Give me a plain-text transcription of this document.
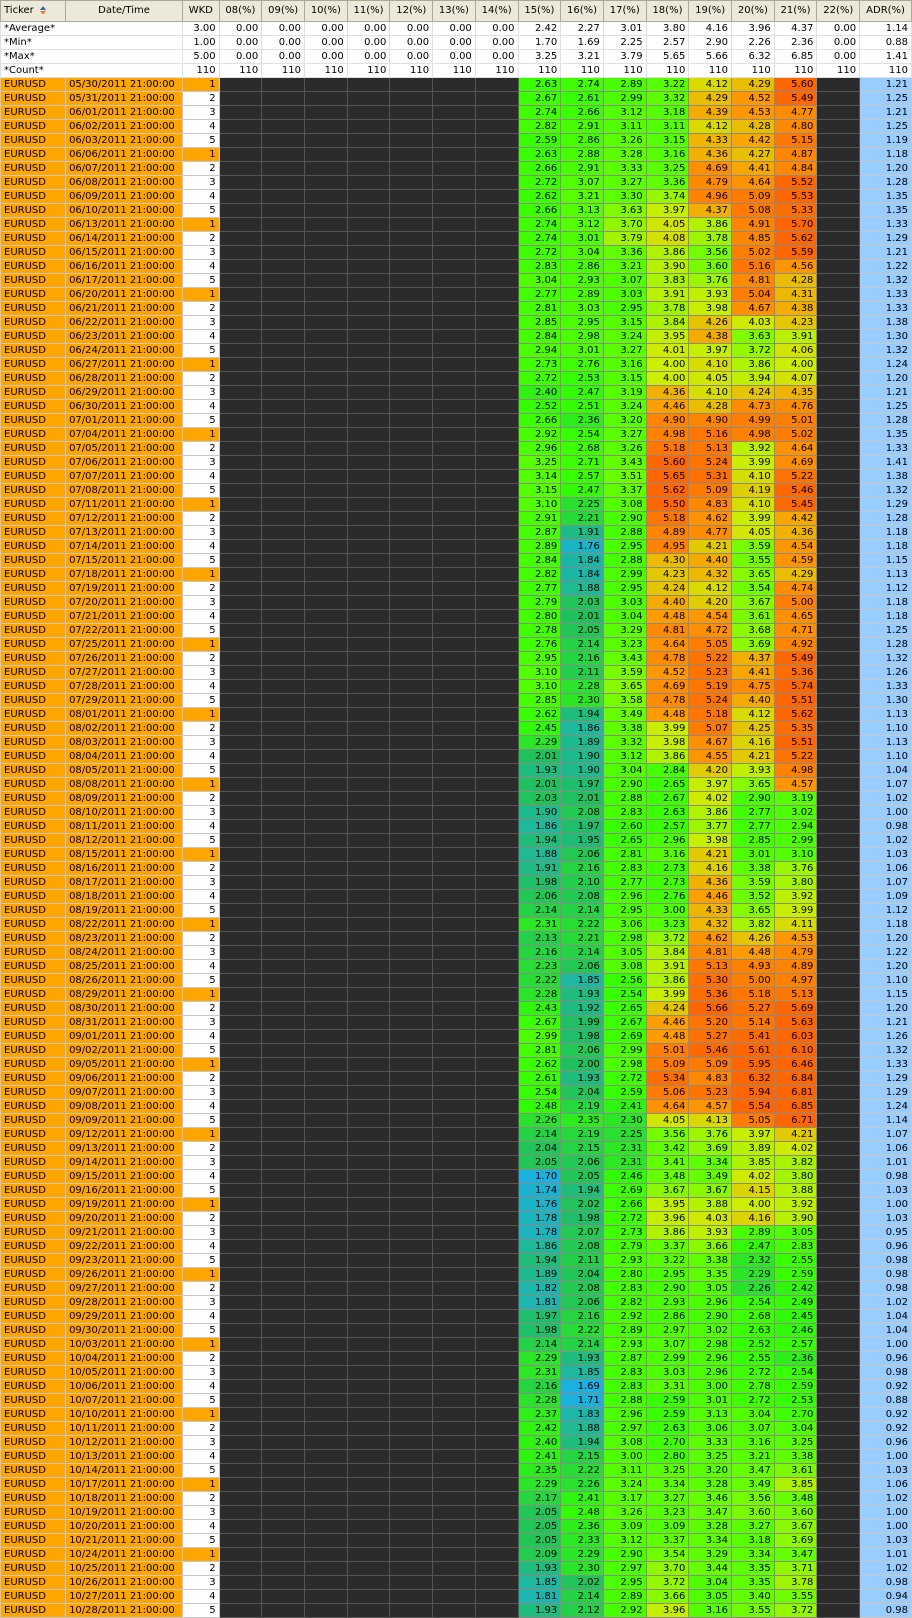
Ticker	Date/Time	WKD	08(%)	09(%)	10(%)	11(%)	12(%)	13(%)	14(%)	15(%)	16(%)	17(%)	18(%)	19(%)	20(%)	21(%)	22(%)	ADR(%)
*Average*		3.00	0.00	0.00	0.00	0.00	0.00	0.00	0.00	2.42	2.27	3.01	3.80	4.16	3.96	4.37	0.00	1.14
*Min*		1.00	0.00	0.00	0.00	0.00	0.00	0.00	0.00	1.70	1.69	2.25	2.57	2.90	2.26	2.36	0.00	0.88
*Max*		5.00	0.00	0.00	0.00	0.00	0.00	0.00	0.00	3.25	3.21	3.79	5.65	5.66	6.32	6.85	0.00	1.41
*Count*		110	110	110	110	110	110	110	110	110	110	110	110	110	110	110	110	110
EURUSD	05/30/2011 21:00:00	1								2.63	2.74	2.89	3.22	4.12	4.29	5.60		1.21
EURUSD	05/31/2011 21:00:00	2								2.67	2.61	2.99	3.32	4.29	4.52	5.49		1.25
EURUSD	06/01/2011 21:00:00	3								2.74	2.66	3.12	3.18	4.39	4.53	4.77		1.21
EURUSD	06/02/2011 21:00:00	4								2.82	2.91	3.11	3.11	4.12	4.28	4.80		1.25
EURUSD	06/03/2011 21:00:00	5								2.59	2.86	3.26	3.15	4.33	4.42	5.15		1.19
EURUSD	06/06/2011 21:00:00	1								2.63	2.88	3.28	3.16	4.36	4.27	4.87		1.18
EURUSD	06/07/2011 21:00:00	2								2.66	2.91	3.33	3.25	4.69	4.41	4.84		1.20
EURUSD	06/08/2011 21:00:00	3								2.72	3.07	3.27	3.36	4.79	4.64	5.52		1.28
EURUSD	06/09/2011 21:00:00	4								2.62	3.21	3.30	3.74	4.96	5.09	5.53		1.35
EURUSD	06/10/2011 21:00:00	5								2.66	3.13	3.63	3.97	4.37	5.08	5.33		1.35
EURUSD	06/13/2011 21:00:00	1								2.74	3.12	3.70	4.05	3.86	4.91	5.70		1.33
EURUSD	06/14/2011 21:00:00	2								2.74	3.01	3.79	4.08	3.78	4.85	5.62		1.29
EURUSD	06/15/2011 21:00:00	3								2.72	3.04	3.36	3.86	3.56	5.02	5.59		1.21
EURUSD	06/16/2011 21:00:00	4								2.83	2.86	3.21	3.90	3.60	5.16	4.56		1.22
EURUSD	06/17/2011 21:00:00	5								3.04	2.93	3.07	3.83	3.76	4.81	4.28		1.32
EURUSD	06/20/2011 21:00:00	1								2.77	2.89	3.03	3.91	3.93	5.04	4.31		1.33
EURUSD	06/21/2011 21:00:00	2								2.81	3.03	2.95	3.78	3.98	4.67	4.38		1.33
EURUSD	06/22/2011 21:00:00	3								2.85	2.95	3.15	3.84	4.26	4.03	4.23		1.38
EURUSD	06/23/2011 21:00:00	4								2.84	2.98	3.24	3.95	4.38	3.63	3.91		1.30
EURUSD	06/24/2011 21:00:00	5								2.94	3.01	3.27	4.01	3.97	3.72	4.06		1.32
EURUSD	06/27/2011 21:00:00	1								2.73	2.76	3.16	4.00	4.10	3.86	4.00		1.24
EURUSD	06/28/2011 21:00:00	2								2.72	2.53	3.15	4.00	4.05	3.94	4.07		1.20
EURUSD	06/29/2011 21:00:00	3								2.40	2.47	3.19	4.36	4.10	4.24	4.35		1.21
EURUSD	06/30/2011 21:00:00	4								2.52	2.51	3.24	4.46	4.28	4.73	4.76		1.25
EURUSD	07/01/2011 21:00:00	5								2.66	2.36	3.20	4.90	4.90	4.99	5.01		1.28
EURUSD	07/04/2011 21:00:00	1								2.92	2.54	3.27	4.98	5.16	4.98	5.02		1.35
EURUSD	07/05/2011 21:00:00	2								2.96	2.68	3.26	5.18	5.13	3.92	4.64		1.33
EURUSD	07/06/2011 21:00:00	3								3.25	2.71	3.43	5.60	5.24	3.99	4.69		1.41
EURUSD	07/07/2011 21:00:00	4								3.14	2.57	3.51	5.65	5.31	4.10	5.22		1.38
EURUSD	07/08/2011 21:00:00	5								3.15	2.47	3.37	5.62	5.09	4.19	5.46		1.32
EURUSD	07/11/2011 21:00:00	1								3.10	2.25	3.08	5.50	4.83	4.10	5.45		1.29
EURUSD	07/12/2011 21:00:00	2								2.91	2.21	2.90	5.18	4.62	3.99	4.42		1.28
EURUSD	07/13/2011 21:00:00	3								2.87	1.91	2.88	4.89	4.77	4.05	4.36		1.18
EURUSD	07/14/2011 21:00:00	4								2.89	1.76	2.95	4.95	4.21	3.59	4.54		1.18
EURUSD	07/15/2011 21:00:00	5								2.84	1.84	2.88	4.30	4.40	3.55	4.59		1.15
EURUSD	07/18/2011 21:00:00	1								2.82	1.84	2.99	4.23	4.32	3.65	4.29		1.13
EURUSD	07/19/2011 21:00:00	2								2.77	1.88	2.95	4.24	4.12	3.54	4.74		1.12
EURUSD	07/20/2011 21:00:00	3								2.79	2.03	3.03	4.40	4.20	3.67	5.00		1.18
EURUSD	07/21/2011 21:00:00	4								2.80	2.01	3.04	4.48	4.54	3.61	4.65		1.18
EURUSD	07/22/2011 21:00:00	5								2.78	2.05	3.29	4.81	4.72	3.68	4.71		1.25
EURUSD	07/25/2011 21:00:00	1								2.76	2.14	3.23	4.64	5.05	3.69	4.92		1.28
EURUSD	07/26/2011 21:00:00	2								2.95	2.16	3.43	4.78	5.22	4.37	5.49		1.32
EURUSD	07/27/2011 21:00:00	3								3.10	2.11	3.59	4.52	5.23	4.41	5.36		1.26
EURUSD	07/28/2011 21:00:00	4								3.10	2.28	3.65	4.69	5.19	4.75	5.74		1.33
EURUSD	07/29/2011 21:00:00	5								2.85	2.30	3.58	4.78	5.24	4.40	5.51		1.30
EURUSD	08/01/2011 21:00:00	1								2.62	1.94	3.49	4.48	5.18	4.12	5.62		1.13
EURUSD	08/02/2011 21:00:00	2								2.45	1.86	3.38	3.99	5.07	4.25	5.35		1.10
EURUSD	08/03/2011 21:00:00	3								2.29	1.89	3.32	3.98	4.67	4.16	5.51		1.13
EURUSD	08/04/2011 21:00:00	4								2.01	1.90	3.12	3.86	4.55	4.21	5.22		1.10
EURUSD	08/05/2011 21:00:00	5								1.93	1.90	3.04	2.84	4.20	3.93	4.98		1.04
EURUSD	08/08/2011 21:00:00	1								2.01	1.97	2.90	2.65	3.97	3.65	4.57		1.07
EURUSD	08/09/2011 21:00:00	2								2.03	2.01	2.88	2.67	4.02	2.90	3.19		1.02
EURUSD	08/10/2011 21:00:00	3								1.90	2.08	2.83	2.63	3.86	2.77	3.02		1.00
EURUSD	08/11/2011 21:00:00	4								1.86	1.97	2.60	2.57	3.77	2.77	2.94		0.98
EURUSD	08/12/2011 21:00:00	5								1.94	1.95	2.65	2.96	3.98	2.85	2.99		1.02
EURUSD	08/15/2011 21:00:00	1								1.88	2.06	2.81	3.16	4.21	3.01	3.10		1.03
EURUSD	08/16/2011 21:00:00	2								1.91	2.16	2.83	2.73	4.16	3.38	3.76		1.06
EURUSD	08/17/2011 21:00:00	3								1.98	2.10	2.77	2.73	4.36	3.59	3.80		1.07
EURUSD	08/18/2011 21:00:00	4								2.06	2.08	2.96	2.76	4.46	3.52	3.92		1.09
EURUSD	08/19/2011 21:00:00	5								2.14	2.14	2.95	3.00	4.33	3.65	3.99		1.12
EURUSD	08/22/2011 21:00:00	1								2.31	2.22	3.06	3.23	4.32	3.82	4.11		1.18
EURUSD	08/23/2011 21:00:00	2								2.13	2.21	2.98	3.72	4.62	4.26	4.53		1.20
EURUSD	08/24/2011 21:00:00	3								2.16	2.14	3.05	3.84	4.81	4.48	4.79		1.22
EURUSD	08/25/2011 21:00:00	4								2.23	2.06	3.08	3.91	5.13	4.93	4.89		1.20
EURUSD	08/26/2011 21:00:00	5								2.22	1.85	2.56	3.86	5.30	5.00	4.97		1.10
EURUSD	08/29/2011 21:00:00	1								2.28	1.93	2.54	3.99	5.36	5.18	5.13		1.15
EURUSD	08/30/2011 21:00:00	2								2.43	1.92	2.65	4.24	5.66	5.27	5.69		1.20
EURUSD	08/31/2011 21:00:00	3								2.67	1.99	2.67	4.46	5.20	5.14	5.63		1.21
EURUSD	09/01/2011 21:00:00	4								2.99	1.98	2.69	4.48	5.27	5.41	6.03		1.26
EURUSD	09/02/2011 21:00:00	5								2.81	2.06	2.99	5.01	5.46	5.61	6.10		1.32
EURUSD	09/05/2011 21:00:00	1								2.62	2.00	2.98	5.09	5.09	5.95	6.46		1.33
EURUSD	09/06/2011 21:00:00	2								2.61	1.93	2.72	5.34	4.83	6.32	6.84		1.29
EURUSD	09/07/2011 21:00:00	3								2.54	2.04	2.59	5.06	5.23	5.94	6.81		1.29
EURUSD	09/08/2011 21:00:00	4								2.48	2.19	2.41	4.64	4.57	5.54	6.85		1.24
EURUSD	09/09/2011 21:00:00	5								2.26	2.35	2.30	4.05	4.13	5.05	6.71		1.14
EURUSD	09/12/2011 21:00:00	1								2.14	2.19	2.25	3.56	3.76	3.97	4.21		1.07
EURUSD	09/13/2011 21:00:00	2								2.04	2.15	2.31	3.42	3.69	3.89	4.02		1.06
EURUSD	09/14/2011 21:00:00	3								2.05	2.06	2.31	3.41	3.34	3.85	3.82		1.01
EURUSD	09/15/2011 21:00:00	4								1.70	2.05	2.46	3.48	3.49	4.02	3.80		0.98
EURUSD	09/16/2011 21:00:00	5								1.74	1.94	2.69	3.67	3.67	4.15	3.88		1.03
EURUSD	09/19/2011 21:00:00	1								1.76	2.02	2.66	3.95	3.88	4.00	3.92		1.00
EURUSD	09/20/2011 21:00:00	2								1.78	1.98	2.72	3.96	4.03	4.16	3.90		1.03
EURUSD	09/21/2011 21:00:00	3								1.78	2.07	2.73	3.86	3.93	2.89	3.05		0.95
EURUSD	09/22/2011 21:00:00	4								1.86	2.08	2.79	3.37	3.66	2.47	2.83		0.96
EURUSD	09/23/2011 21:00:00	5								1.94	2.11	2.93	3.22	3.38	2.32	2.55		0.98
EURUSD	09/26/2011 21:00:00	1								1.89	2.04	2.80	2.95	3.35	2.29	2.59		0.98
EURUSD	09/27/2011 21:00:00	2								1.82	2.08	2.83	2.90	3.05	2.26	2.42		0.98
EURUSD	09/28/2011 21:00:00	3								1.81	2.06	2.82	2.93	2.96	2.54	2.49		1.02
EURUSD	09/29/2011 21:00:00	4								1.97	2.16	2.92	2.86	2.90	2.68	2.45		1.04
EURUSD	09/30/2011 21:00:00	5								1.98	2.22	2.89	2.97	3.02	2.63	2.46		1.04
EURUSD	10/03/2011 21:00:00	1								2.14	2.14	2.93	3.07	2.98	2.52	2.57		1.00
EURUSD	10/04/2011 21:00:00	2								2.29	1.93	2.87	2.99	2.96	2.55	2.36		0.96
EURUSD	10/05/2011 21:00:00	3								2.31	1.85	2.83	3.03	2.96	2.72	2.54		0.98
EURUSD	10/06/2011 21:00:00	4								2.16	1.69	2.83	3.31	3.00	2.78	2.59		0.92
EURUSD	10/07/2011 21:00:00	5								2.28	1.71	2.88	2.59	3.01	2.72	2.53		0.88
EURUSD	10/10/2011 21:00:00	1								2.37	1.83	2.96	2.59	3.13	3.04	2.70		0.92
EURUSD	10/11/2011 21:00:00	2								2.42	1.88	2.97	2.63	3.06	3.07	3.04		0.92
EURUSD	10/12/2011 21:00:00	3								2.40	1.94	3.08	2.70	3.33	3.16	3.25		0.96
EURUSD	10/13/2011 21:00:00	4								2.41	2.15	3.00	2.80	3.25	3.21	3.38		1.00
EURUSD	10/14/2011 21:00:00	5								2.35	2.22	3.11	3.25	3.20	3.47	3.61		1.03
EURUSD	10/17/2011 21:00:00	1								2.29	2.26	3.24	3.34	3.28	3.49	3.85		1.06
EURUSD	10/18/2011 21:00:00	2								2.17	2.41	3.17	3.27	3.46	3.56	3.48		1.02
EURUSD	10/19/2011 21:00:00	3								2.05	2.48	3.26	3.23	3.47	3.60	3.60		1.00
EURUSD	10/20/2011 21:00:00	4								2.05	2.36	3.09	3.09	3.28	3.27	3.67		1.00
EURUSD	10/21/2011 21:00:00	5								2.05	2.33	3.12	3.37	3.34	3.18	3.69		1.03
EURUSD	10/24/2011 21:00:00	1								2.09	2.29	2.90	3.54	3.29	3.34	3.47		1.01
EURUSD	10/25/2011 21:00:00	2								1.93	2.30	2.97	3.70	3.44	3.35	3.71		1.02
EURUSD	10/26/2011 21:00:00	3								1.85	2.02	2.95	3.72	3.04	3.35	3.78		0.98
EURUSD	10/27/2011 21:00:00	4								1.81	2.14	2.89	3.66	3.05	3.40	3.55		0.94
EURUSD	10/28/2011 21:00:00	5								1.93	2.12	2.92	3.96	3.16	3.55	3.72		0.98
